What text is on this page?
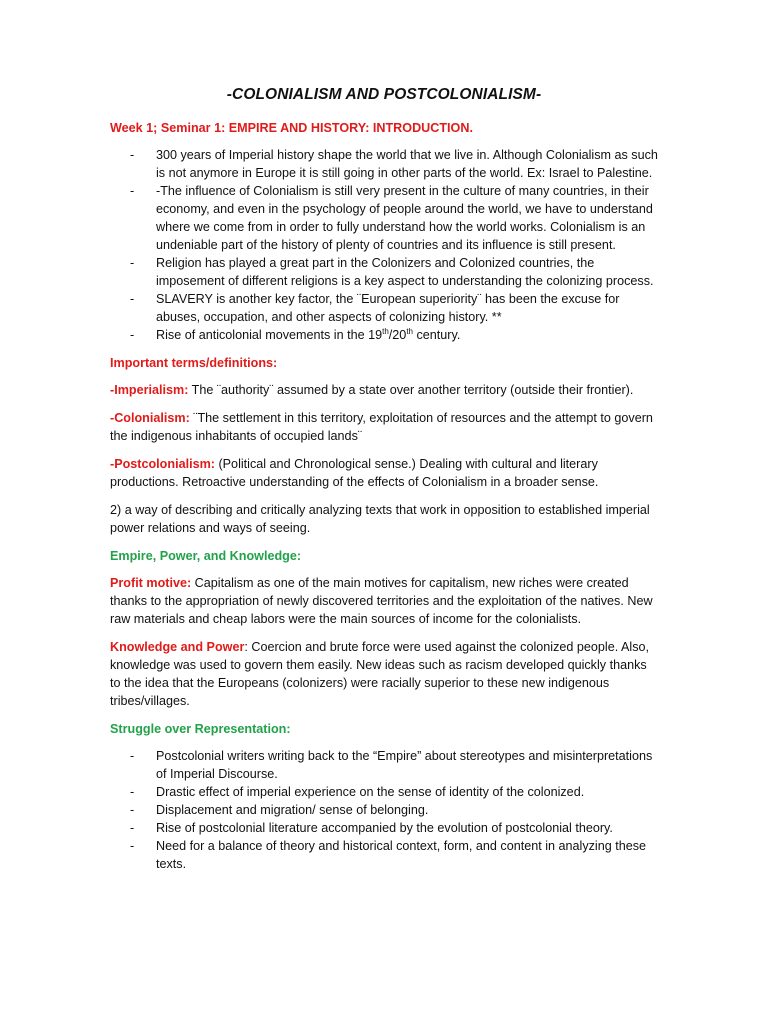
-COLONIALISM AND POSTCOLONIALISM-
Week 1; Seminar 1: EMPIRE AND HISTORY: INTRODUCTION.
- 300 years of Imperial history shape the world that we live in. Although Colonialism as such is not anymore in Europe it is still going in other parts of the world. Ex: Israel to Palestine.
- -The influence of Colonialism is still very present in the culture of many countries, in their economy, and even in the psychology of people around the world, we have to understand where we come from in order to fully understand how the world works. Colonialism is an undeniable part of the history of plenty of countries and its influence is still present.
- Religion has played a great part in the Colonizers and Colonized countries, the imposement of different religions is a key aspect to understanding the colonizing process.
- SLAVERY is another key factor, the ¨European superiority¨ has been the excuse for abuses, occupation, and other aspects of colonizing history. **
- Rise of anticolonial movements in the 19th/20th century.
Important terms/definitions:

-Imperialism: The ¨authority¨ assumed by a state over another territory (outside their frontier).

-Colonialism: ¨The settlement in this territory, exploitation of resources and the attempt to govern the indigenous inhabitants of occupied lands¨

-Postcolonialism: (Political and Chronological sense.) Dealing with cultural and literary productions. Retroactive understanding of the effects of Colonialism in a broader sense.

2) a way of describing and critically analyzing texts that work in opposition to established imperial power relations and ways of seeing.

Empire, Power, and Knowledge:

Profit motive: Capitalism as one of the main motives for capitalism, new riches were created thanks to the appropriation of newly discovered territories and the exploitation of the natives. New raw materials and cheap labors were the main sources of income for the colonialists.

Knowledge and Power: Coercion and brute force were used against the colonized people. Also, knowledge was used to govern them easily. New ideas such as racism developed quickly thanks to the idea that the Europeans (colonizers) were racially superior to these new indigenous tribes/villages.

Struggle over Representation:
- Postcolonial writers writing back to the “Empire” about stereotypes and misinterpretations of Imperial Discourse.
- Drastic effect of imperial experience on the sense of identity of the colonized.
- Displacement and migration/ sense of belonging.
- Rise of postcolonial literature accompanied by the evolution of postcolonial theory.
- Need for a balance of theory and historical context, form, and content in analyzing these texts.
